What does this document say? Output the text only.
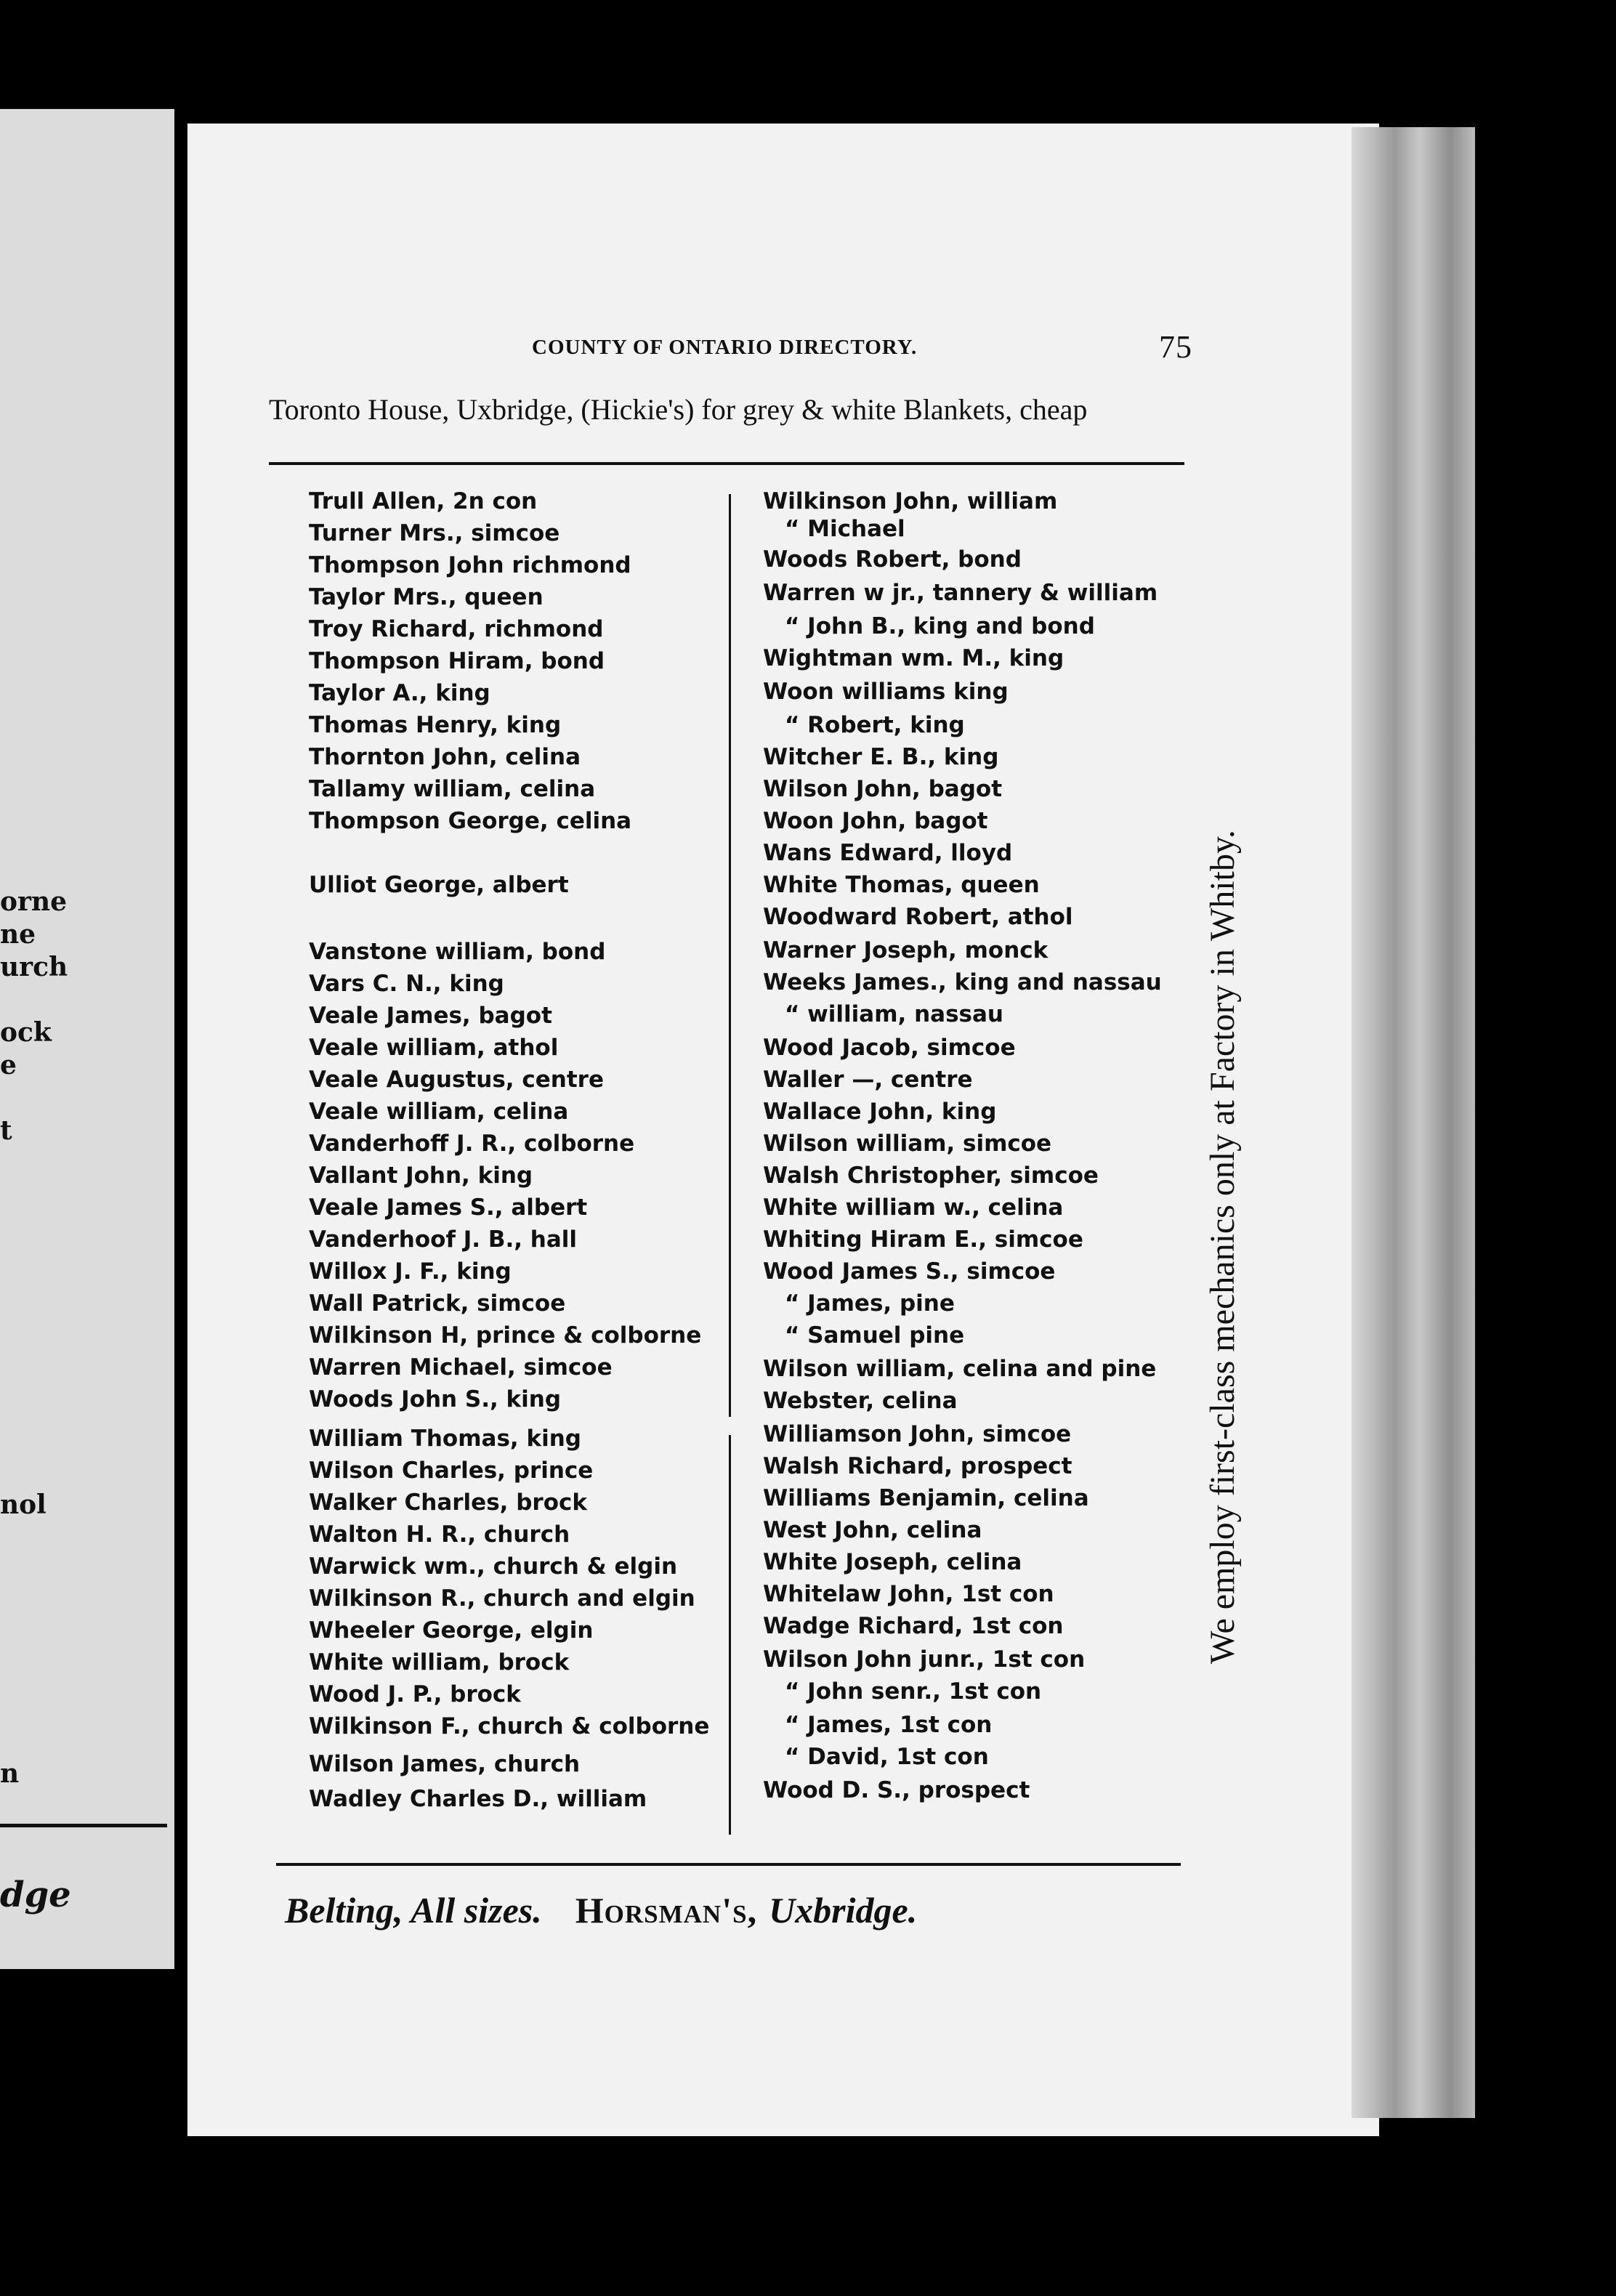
orne
ne
urch
ock
e
t
nol
n
dge
COUNTY OF ONTARIO DIRECTORY.	75
Toronto House, Uxbridge, (Hickie's) for grey & white Blankets, cheap
Trull Allen, 2n con
Turner Mrs., simcoe
Thompson John richmond
Taylor Mrs., queen
Troy Richard, richmond
Thompson Hiram, bond
Taylor A., king
Thomas Henry, king
Thornton John, celina
Tallamy william, celina
Thompson George, celina
Ulliot George, albert
Vanstone william, bond
Vars C. N., king
Veale James, bagot
Veale william, athol
Veale Augustus, centre
Veale william, celina
Vanderhoff J. R., colborne
Vallant John, king
Veale James S., albert
Vanderhoof J. B., hall
Willox J. F., king
Wall Patrick, simcoe
Wilkinson H, prince & colborne
Warren Michael, simcoe
Woods John S., king
William Thomas, king
Wilson Charles, prince
Walker Charles, brock
Walton H. R., church
Warwick wm., church & elgin
Wilkinson R., church and elgin
Wheeler George, elgin
White william, brock
Wood J. P., brock
Wilkinson F., church & colborne
Wilson James, church
Wadley Charles D., william
Wilkinson John, william
“ Michael
Woods Robert, bond
Warren w jr., tannery & william
“ John B., king and bond
Wightman wm. M., king
Woon williams king
“ Robert, king
Witcher E. B., king
Wilson John, bagot
Woon John, bagot
Wans Edward, lloyd
White Thomas, queen
Woodward Robert, athol
Warner Joseph, monck
Weeks James., king and nassau
“ william, nassau
Wood Jacob, simcoe
Waller —, centre
Wallace John, king
Wilson william, simcoe
Walsh Christopher, simcoe
White william w., celina
Whiting Hiram E., simcoe
Wood James S., simcoe
“ James, pine
“ Samuel pine
Wilson william, celina and pine
Webster, celina
Williamson John, simcoe
Walsh Richard, prospect
Williams Benjamin, celina
West John, celina
White Joseph, celina
Whitelaw John, 1st con
Wadge Richard, 1st con
Wilson John junr., 1st con
“ John senr., 1st con
“ James, 1st con
“ David, 1st con
Wood D. S., prospect
We employ first-class mechanics only at Factory in Whitby.
Belting, All sizes. Horsman's, Uxbridge.
